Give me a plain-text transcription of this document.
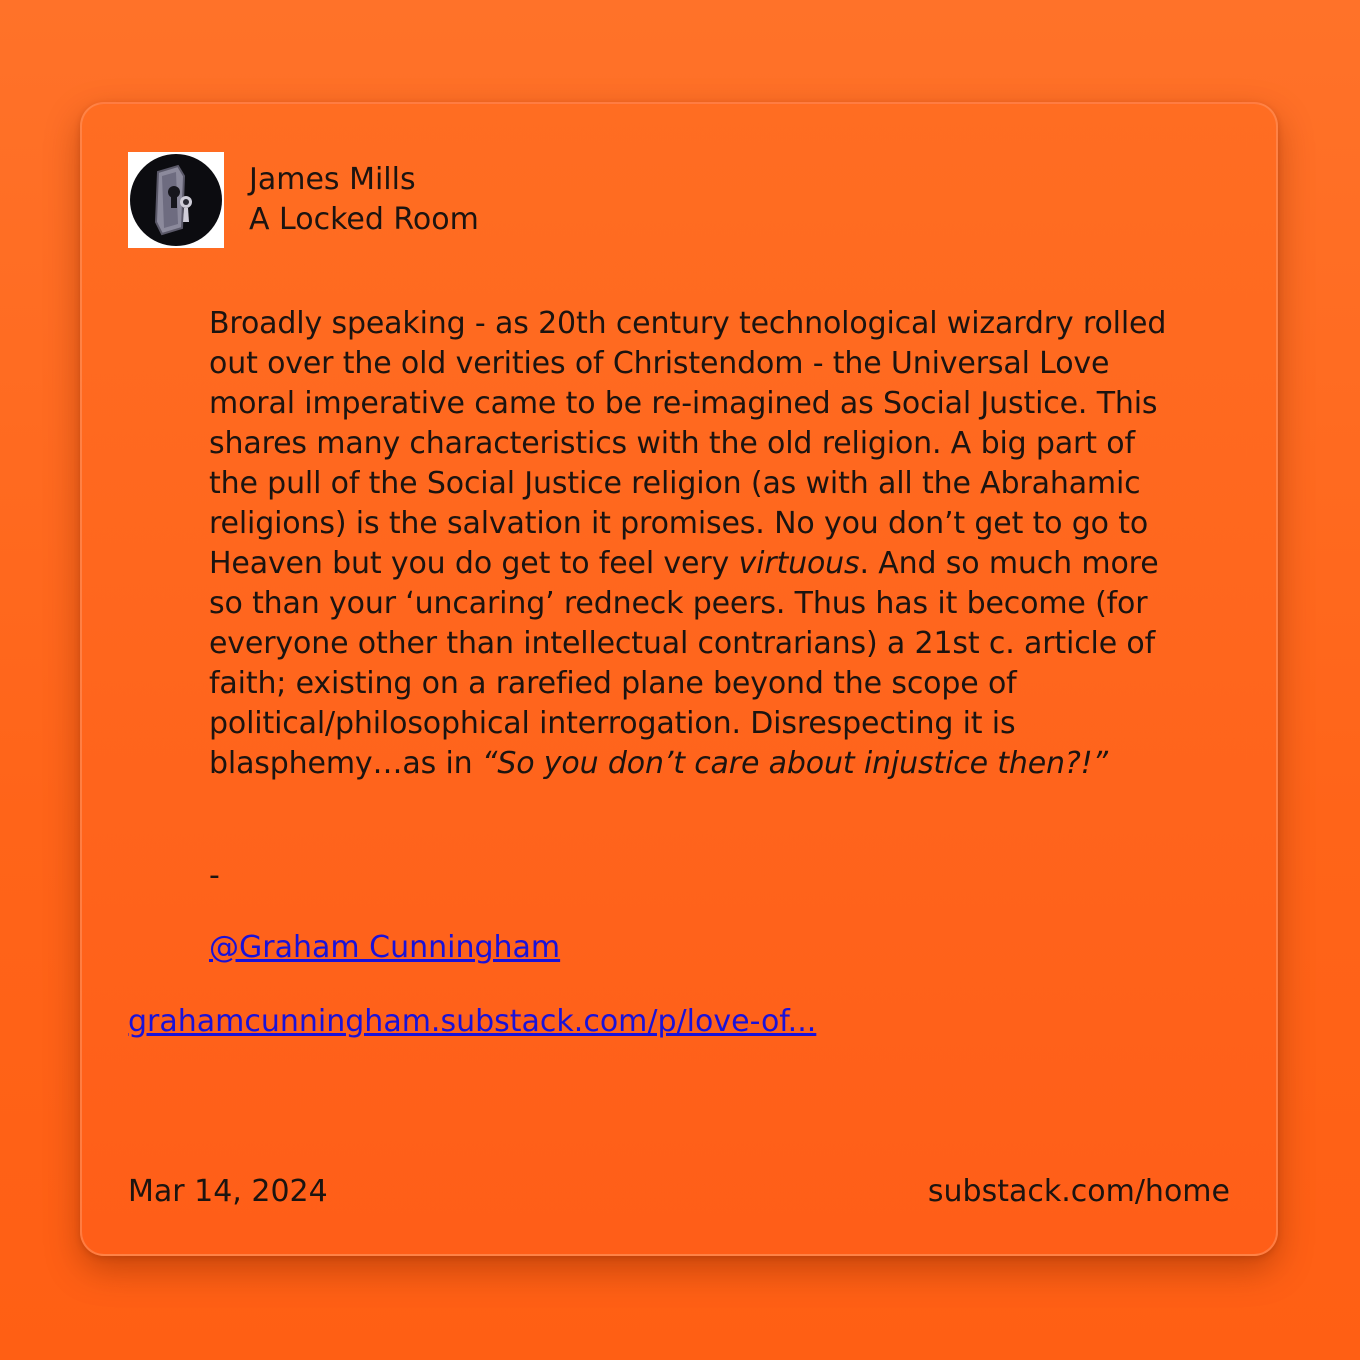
James Mills
A Locked Room

Broadly speaking - as 20th century technological wizardry rolled out over the old verities of Christendom - the Universal Love moral imperative came to be re-imagined as Social Justice. This shares many characteristics with the old religion. A big part of the pull of the Social Justice religion (as with all the Abrahamic religions) is the salvation it promises. No you don’t get to go to Heaven but you do get to feel very virtuous. And so much more so than your ‘uncaring’ redneck peers. Thus has it become (for everyone other than intellectual contrarians) a 21st c. article of faith; existing on a rarefied plane beyond the scope of political/philosophical interrogation. Disrespecting it is blasphemy…as in “So you don’t care about injustice then?!”

-
@Graham Cunningham
grahamcunningham.substack.com/p/love-of...
Mar 14, 2024	substack.com/home
